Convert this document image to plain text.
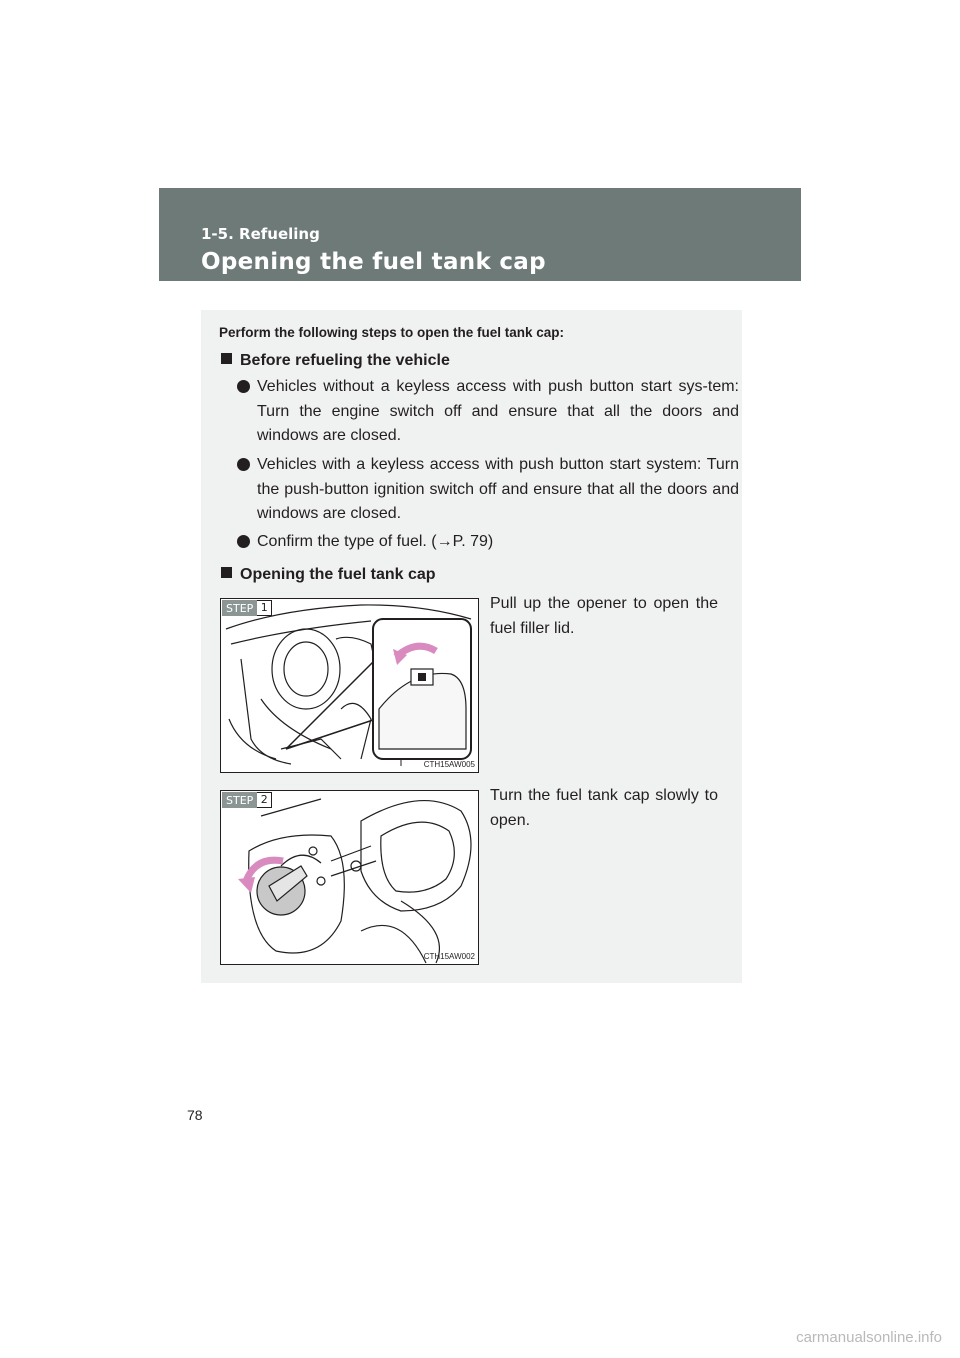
1-5. Refueling
Opening the fuel tank cap
Perform the following steps to open the fuel tank cap:
Before refueling the vehicle
Vehicles without a keyless access with push button start sys-tem: Turn the engine switch off and ensure that all the doors and windows are closed.
Vehicles with a keyless access with push button start system: Turn the push-button ignition switch off and ensure that all the doors and windows are closed.
Confirm the type of fuel. (→P. 79)
Opening the fuel tank cap
STEP 1
CTH15AW005
Pull up the opener to open the fuel filler lid.
STEP 2
CTH15AW002
Turn the fuel tank cap slowly to open.
78
carmanualsonline.info
